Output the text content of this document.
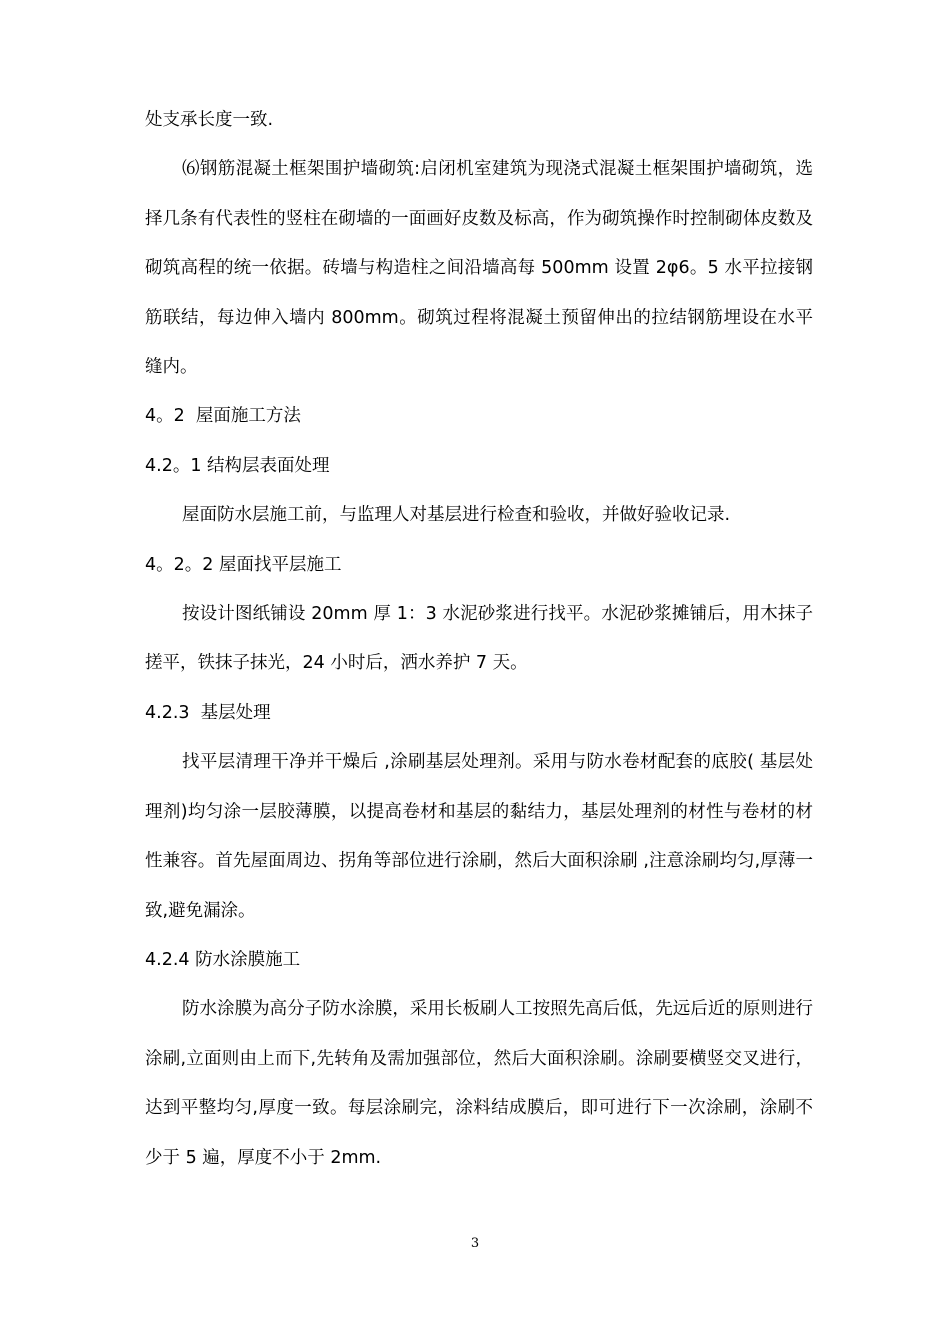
处支承长度一致.

⑹钢筋混凝土框架围护墙砌筑:启闭机室建筑为现浇式混凝土框架围护墙砌筑，选择几条有代表性的竖柱在砌墙的一面画好皮数及标高，作为砌筑操作时控制砌体皮数及砌筑高程的统一依据。砖墙与构造柱之间沿墙高每 500mm 设置 2φ6。5 水平拉接钢筋联结，每边伸入墙内 800mm。砌筑过程将混凝土预留伸出的拉结钢筋埋设在水平缝内。

4。2  屋面施工方法

4.2。1 结构层表面处理

屋面防水层施工前，与监理人对基层进行检查和验收，并做好验收记录.

4。2。2 屋面找平层施工

按设计图纸铺设 20mm 厚 1：3 水泥砂浆进行找平。水泥砂浆摊铺后，用木抹子搓平，铁抹子抹光，24 小时后，洒水养护 7 天。

4.2.3  基层处理

找平层清理干净并干燥后 ,涂刷基层处理剂。采用与防水卷材配套的底胶( 基层处理剂)均匀涂一层胶薄膜，以提高卷材和基层的黏结力，基层处理剂的材性与卷材的材性兼容。首先屋面周边、拐角等部位进行涂刷，然后大面积涂刷 ,注意涂刷均匀,厚薄一致,避免漏涂。

4.2.4 防水涂膜施工

防水涂膜为高分子防水涂膜，采用长板刷人工按照先高后低，先远后近的原则进行涂刷,立面则由上而下,先转角及需加强部位，然后大面积涂刷。涂刷要横竖交叉进行，达到平整均匀,厚度一致。每层涂刷完，涂料结成膜后，即可进行下一次涂刷，涂刷不少于 5 遍，厚度不小于 2mm.

3
